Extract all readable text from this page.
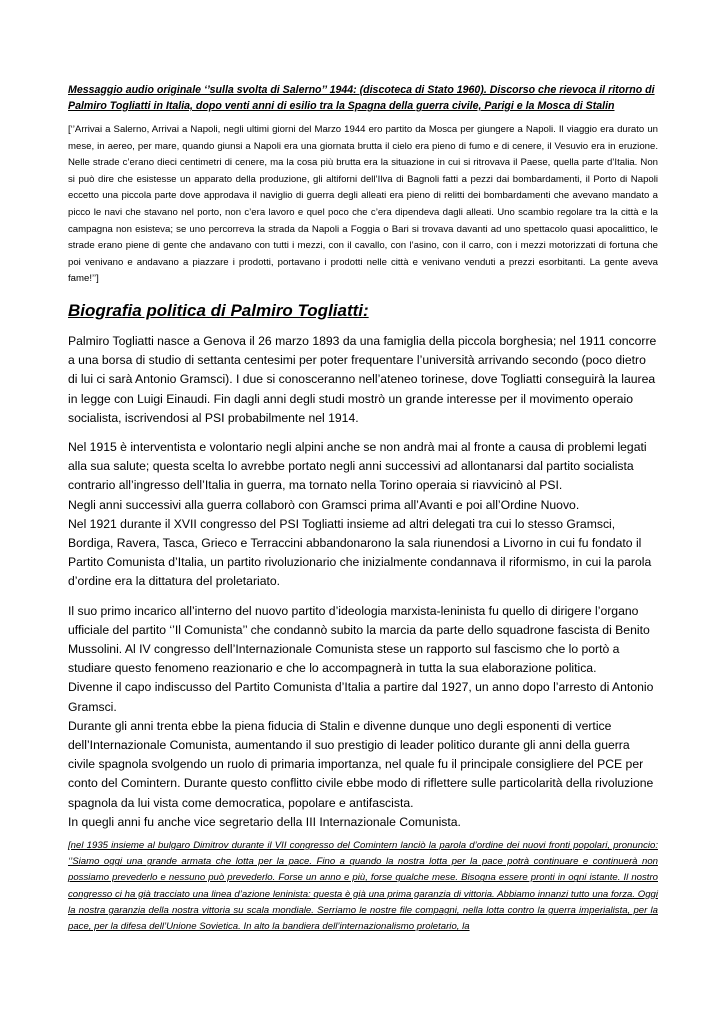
Messaggio audio originale ‘’sulla svolta di Salerno’’ 1944: (discoteca di Stato 1960). Discorso che rievoca il ritorno di
Palmiro Togliatti in Italia, dopo venti anni di esilio tra la Spagna della guerra civile, Parigi e la Mosca di Stalin
[‘’Arrivai a Salerno, Arrivai a Napoli, negli ultimi giorni del Marzo 1944 ero partito da Mosca per giungere a Napoli. Il viaggio era durato un mese, in aereo, per mare, quando giunsi a Napoli era una giornata brutta il cielo era pieno di fumo e di cenere, il Vesuvio era in eruzione. Nelle strade c’erano dieci centimetri di cenere, ma la cosa più brutta era la situazione in cui si ritrovava il Paese, quella parte d’Italia. Non si può dire che esistesse un apparato della produzione, gli altiforni dell’Ilva di Bagnoli fatti a pezzi dai bombardamenti, il Porto di Napoli eccetto una piccola parte dove approdava il naviglio di guerra degli alleati era pieno di relitti dei bombardamenti che avevano mandato a picco le navi che stavano nel porto, non c’era lavoro e quel poco che c’era dipendeva dagli alleati. Uno scambio regolare tra la città e la campagna non esisteva; se uno percorreva la strada da Napoli a Foggia o Bari si trovava davanti ad uno spettacolo quasi apocalittico, le strade erano piene di gente che andavano con tutti i mezzi, con il cavallo, con l’asino, con il carro, con i mezzi motorizzati di fortuna che poi venivano e andavano a piazzare i prodotti, portavano i prodotti nelle città e venivano venduti a prezzi esorbitanti. La gente aveva fame!’’]
Biografia politica di Palmiro Togliatti:
Palmiro Togliatti nasce a Genova il 26 marzo 1893 da una famiglia della piccola borghesia; nel 1911 concorre a una borsa di studio di settanta centesimi per poter frequentare l’università arrivando secondo (poco dietro di lui ci sarà Antonio Gramsci). I due si conosceranno nell’ateneo torinese, dove Togliatti conseguirà la laurea in legge con Luigi Einaudi. Fin dagli anni degli studi mostrò un grande interesse per il movimento operaio socialista, iscrivendosi al PSI probabilmente nel 1914.
Nel 1915 è interventista e volontario negli alpini anche se non andrà mai al fronte a causa di problemi legati alla sua salute; questa scelta lo avrebbe portato negli anni successivi ad allontanarsi dal partito socialista contrario all’ingresso dell’Italia in guerra, ma tornato nella Torino operaia si riavvicinò al PSI.
Negli anni successivi alla guerra collaborò con Gramsci prima all’Avanti e poi all’Ordine Nuovo.
Nel 1921 durante il XVII congresso del PSI Togliatti insieme ad altri delegati tra cui lo stesso Gramsci, Bordiga, Ravera, Tasca, Grieco e Terraccini abbandonarono la sala riunendosi a Livorno in cui fu fondato il Partito Comunista d’Italia, un partito rivoluzionario che inizialmente condannava il riformismo, in cui la parola d’ordine era la dittatura del proletariato.
Il suo primo incarico all’interno del nuovo partito d’ideologia marxista-leninista fu quello di dirigere l’organo ufficiale del partito ‘’Il Comunista’’ che condannò subito la marcia da parte dello squadrone fascista di Benito Mussolini. Al IV congresso dell’Internazionale Comunista stese un rapporto sul fascismo che lo portò a studiare questo fenomeno reazionario e che lo accompagnerà in tutta la sua elaborazione politica.
Divenne il capo indiscusso del Partito Comunista d’Italia a partire dal 1927, un anno dopo l’arresto di Antonio Gramsci.
Durante gli anni trenta ebbe la piena fiducia di Stalin e divenne dunque uno degli esponenti di vertice dell’Internazionale Comunista, aumentando il suo prestigio di leader politico durante gli anni della guerra civile spagnola svolgendo un ruolo di primaria importanza, nel quale fu il principale consigliere del PCE per conto del Comintern. Durante questo conflitto civile ebbe modo di riflettere sulle particolarità della rivoluzione spagnola da lui vista come democratica, popolare e antifascista.
In quegli anni fu anche vice segretario della III Internazionale Comunista.
[nel 1935 insieme al bulgaro Dimitrov durante il VII congresso del Comintern lanciò la parola d’ordine dei nuovi fronti popolari, pronuncio: ‘’Siamo oggi una grande armata che lotta per la pace. Fino a quando la nostra lotta per la pace potrà continuare e continuerà non possiamo prevederlo e nessuno può prevederlo. Forse un anno e più, forse qualche mese. Bisogna essere pronti in ogni istante. Il nostro congresso ci ha già tracciato una linea d’azione leninista: questa è già una prima garanzia di vittoria. Abbiamo innanzi tutto una forza. Oggi la nostra garanzia della nostra vittoria su scala mondiale. Serriamo le nostre file compagni, nella lotta contro la guerra imperialista, per la pace, per la difesa dell’Unione Sovietica. In alto la bandiera dell’internazionalismo proletario, la
